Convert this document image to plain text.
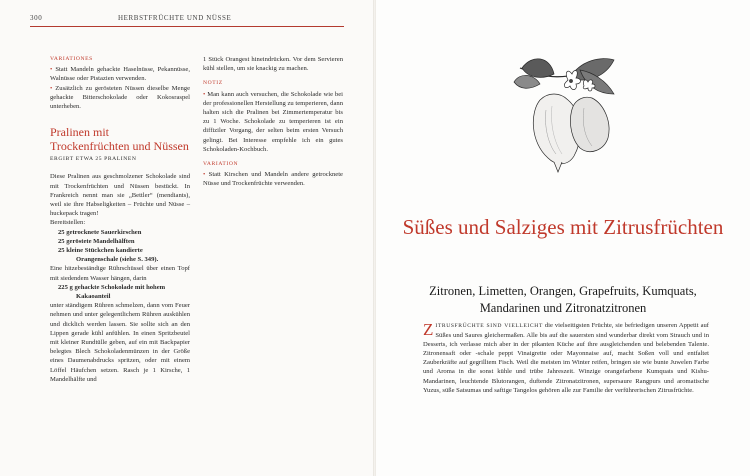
300	HERBSTFRÜCHTE UND NÜSSE
VARIATIONES
• Statt Mandeln gehackte Haselnüsse, Pekannüsse, Walnüsse oder Pistazien verwenden.
• Zusätzlich zu gerösteten Nüssen dieselbe Menge gehackte Bitterschokolade oder Kokosraspel unterheben.
Pralinen mit Trockenfrüchten und Nüssen
ERGIBT ETWA 25 PRALINEN
Diese Pralinen aus geschmolzener Schokolade sind mit Trockenfrüchten und Nüssen bestückt. In Frankreich nennt man sie „Bettler“ (mendiants), weil sie ihre Habseligkeiten – Früchte und Nüsse – huckepack tragen!
Bereitstellen:
25 getrocknete Sauerkirschen
25 geröstete Mandelhälften
25 kleine Stückchen kandierte
Orangenschale (siehe S. 349).
Eine hitzebeständige Rührschüssel über einen Topf mit siedendem Wasser hängen, darin
225 g gehackte Schokolade mit hohem
Kakaoanteil
unter ständigem Rühren schmelzen, dann vom Feuer nehmen und unter gelegentlichem Rühren auskühlen und dicklich werden lassen. Sie sollte sich an den Lippen gerade kühl anfühlen. In einen Spritzbeutel mit kleiner Rundtülle geben, auf ein mit Backpapier belegtes Blech Schokoladenmünzen in der Größe eines Daumenabdrucks spritzen, oder mit einem Löffel Häufchen setzen. Rasch je 1 Kirsche, 1 Mandelhälfte und
1 Stück Orangest hineindrücken. Vor dem Servieren kühl stellen, um sie knackig zu machen.
NOTIZ
• Man kann auch versuchen, die Schokolade wie bei der professionellen Herstellung zu temperieren, dann halten sich die Pralinen bei Zimmertemperatur bis zu 1 Woche. Schokolade zu temperieren ist ein diffiziler Vorgang, der selten beim ersten Versuch gelingt. Bei Interesse empfehle ich ein gutes Schokoladen-Kochbuch.
VARIATION
• Statt Kirschen und Mandeln andere getrocknete Nüsse und Trockenfrüchte verwenden.
Süßes und Salziges mit Zitrusfrüchten
Zitronen, Limetten, Orangen, Grapefruits, Kumquats, Mandarinen und Zitronatzitronen
ZITRUSFRÜCHTE SIND VIELLEICHT die vielseitigsten Früchte, sie befriedigen unseren Appetit auf Süßes und Saures gleichermaßen. Alle bis auf die sauersten sind wunderbar direkt vom Strauch und in Desserts, ich verlasse mich aber in der pikanten Küche auf ihre ausgleichenden und belebenden Talente. Zitronensaft oder -schale peppt Vinaigrette oder Mayonnaise auf, macht Soßen voll und entfaltet Zauberkräfte auf gegrilltem Fisch. Weil die meisten im Winter reifen, bringen sie wie bunte Juwelen Farbe und Aroma in die sonst kühle und trübe Jahreszeit. Winzige orangefarbene Kumquats und Kishu-Mandarinen, leuchtende Blutorangen, duftende Zitronatzitronen, supersaure Rangpurs und aromatische Yuzus, süße Satsumas und saftige Tangelos gehören alle zur Familie der verführerischen Zitrusfrüchte.
